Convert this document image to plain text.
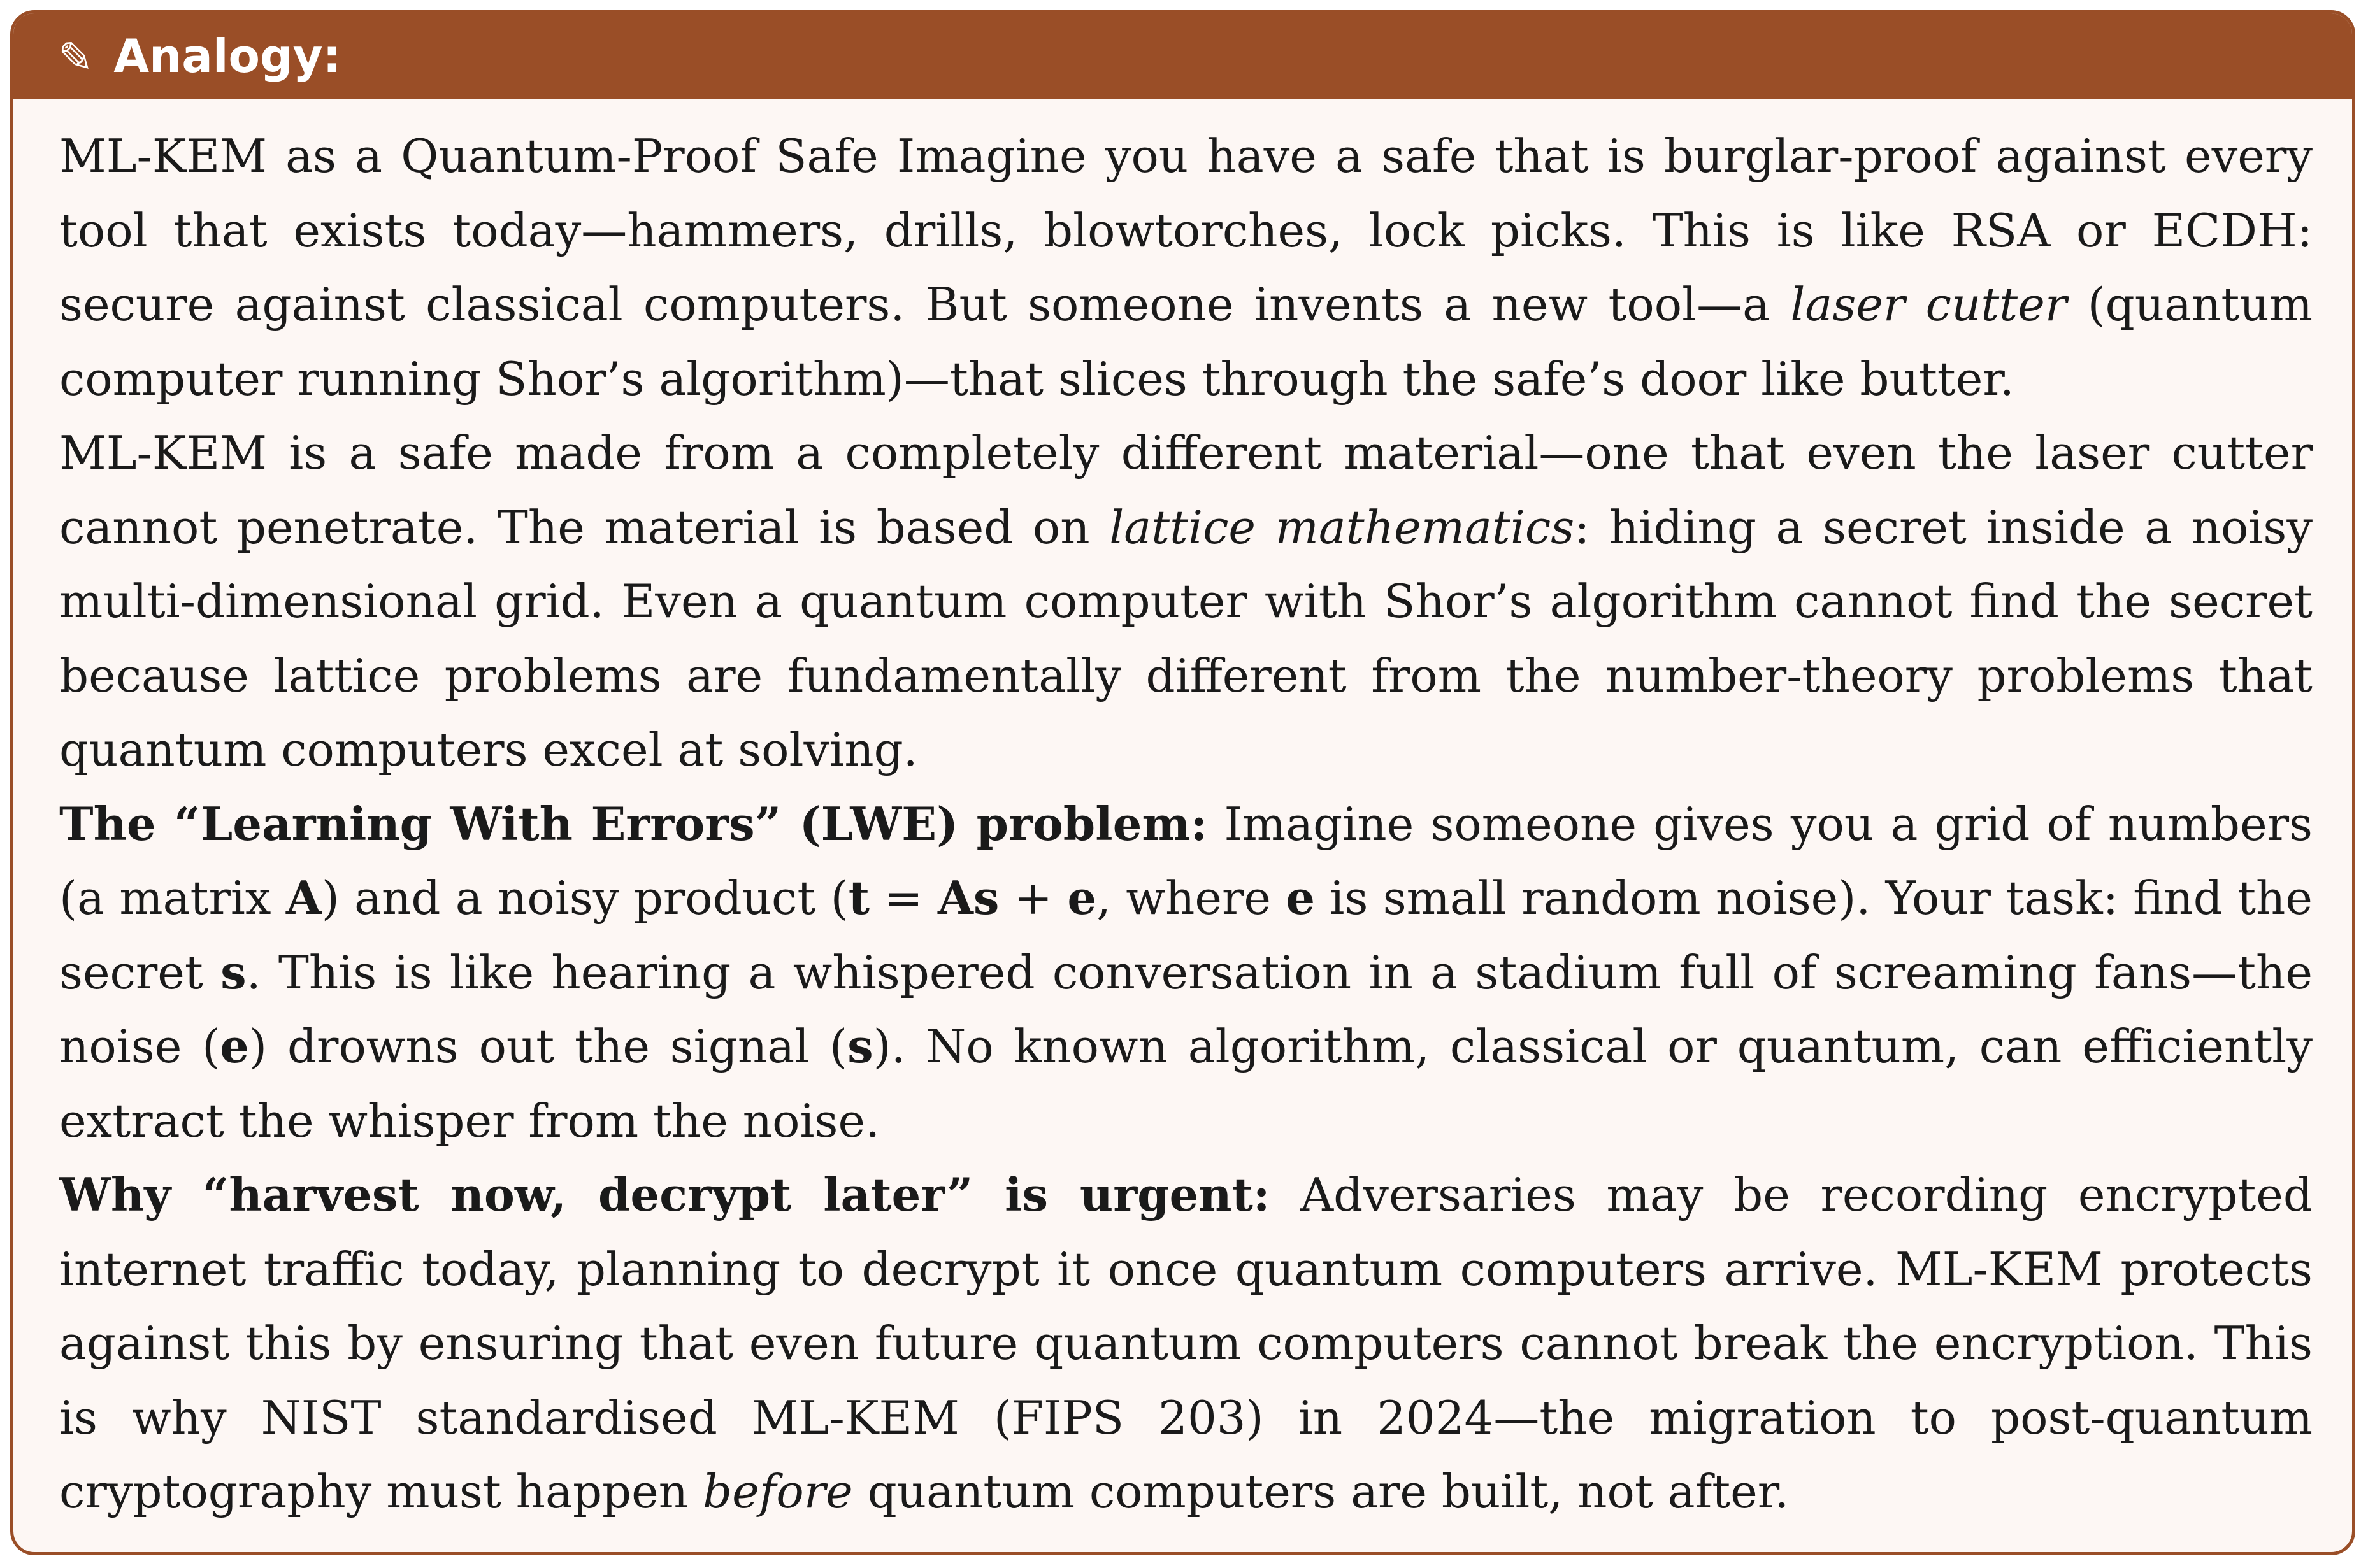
✎ Analogy:

ML-KEM as a Quantum-Proof Safe Imagine you have a safe that is burglar-proof against every tool that exists today—hammers, drills, blowtorches, lock picks. This is like RSA or ECDH: secure against classical computers. But someone invents a new tool—a laser cutter (quantum computer running Shor’s algorithm)—that slices through the safe’s door like butter.

ML-KEM is a safe made from a completely different material—one that even the laser cutter cannot penetrate. The material is based on lattice mathematics: hiding a secret inside a noisy multi-dimensional grid. Even a quantum computer with Shor’s algorithm cannot find the secret because lattice problems are fundamentally different from the number-theory problems that quantum computers excel at solving.

The “Learning With Errors” (LWE) problem: Imagine someone gives you a grid of numbers (a matrix A) and a noisy product (t = As + e, where e is small random noise). Your task: find the secret s. This is like hearing a whispered conversation in a stadium full of screaming fans—the noise (e) drowns out the signal (s). No known algorithm, classical or quantum, can efficiently extract the whisper from the noise.

Why “harvest now, decrypt later” is urgent: Adversaries may be recording encrypted internet traffic today, planning to decrypt it once quantum computers arrive. ML-KEM protects against this by ensuring that even future quantum computers cannot break the encryption. This is why NIST standardised ML-KEM (FIPS 203) in 2024—the migration to post-quantum cryptography must happen before quantum computers are built, not after.
